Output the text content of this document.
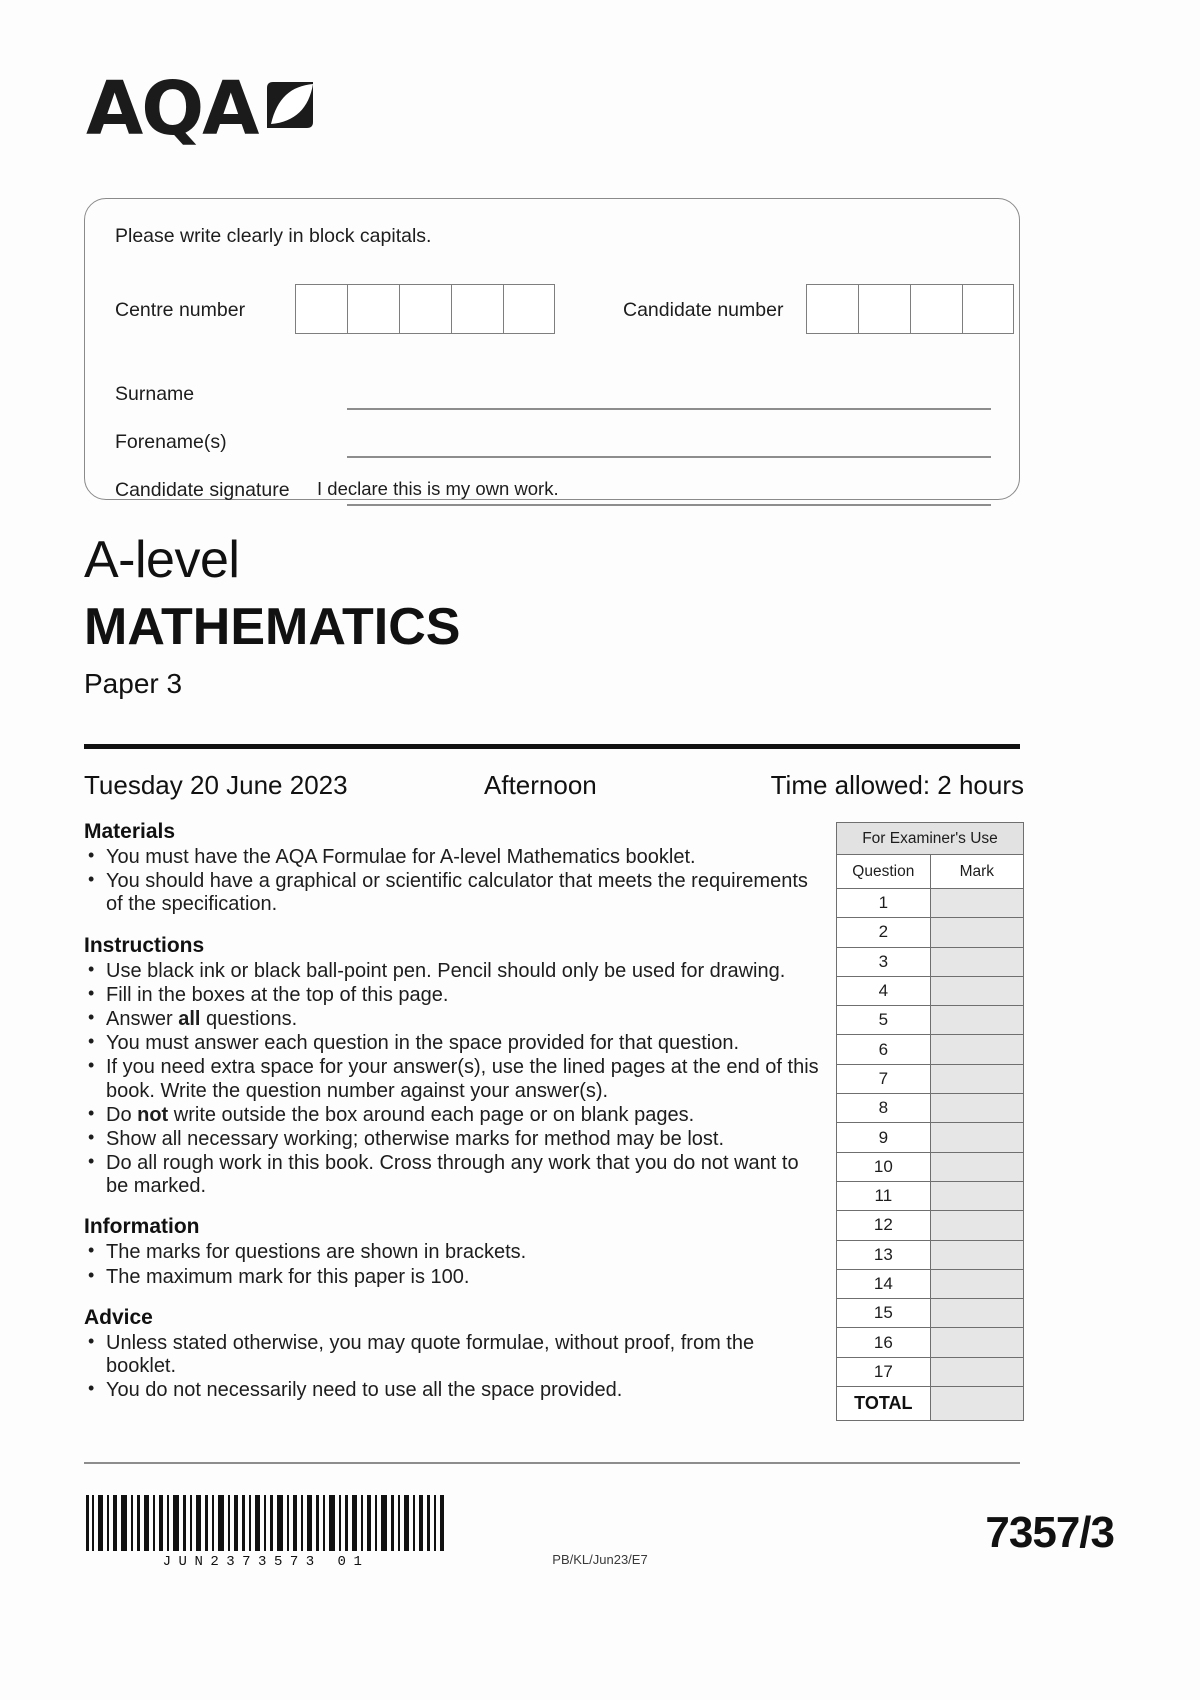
AQA
Please write clearly in block capitals.
Centre number	Candidate number
Surname
Forename(s)
Candidate signature I declare this is my own work.
A-level
MATHEMATICS
Paper 3
Tuesday 20 June 2023	Afternoon	Time allowed: 2 hours
Materials
• You must have the AQA Formulae for A-level Mathematics booklet.
• You should have a graphical or scientific calculator that meets the requirements of the specification.
Instructions
• Use black ink or black ball-point pen. Pencil should only be used for drawing.
• Fill in the boxes at the top of this page.
• Answer all questions.
• You must answer each question in the space provided for that question.
• If you need extra space for your answer(s), use the lined pages at the end of this book. Write the question number against your answer(s).
• Do not write outside the box around each page or on blank pages.
• Show all necessary working; otherwise marks for method may be lost.
• Do all rough work in this book. Cross through any work that you do not want to be marked.
Information
• The marks for questions are shown in brackets.
• The maximum mark for this paper is 100.
Advice
• Unless stated otherwise, you may quote formulae, without proof, from the booklet.
• You do not necessarily need to use all the space provided.
For Examiner's Use	
Question	Mark
1	
2	
3	
4	
5	
6	
7	
8	
9	
10	
11	
12	
13	
14	
15	
16	
17	
TOTAL	
JUN2373573 01	PB/KL/Jun23/E7
7357/3
